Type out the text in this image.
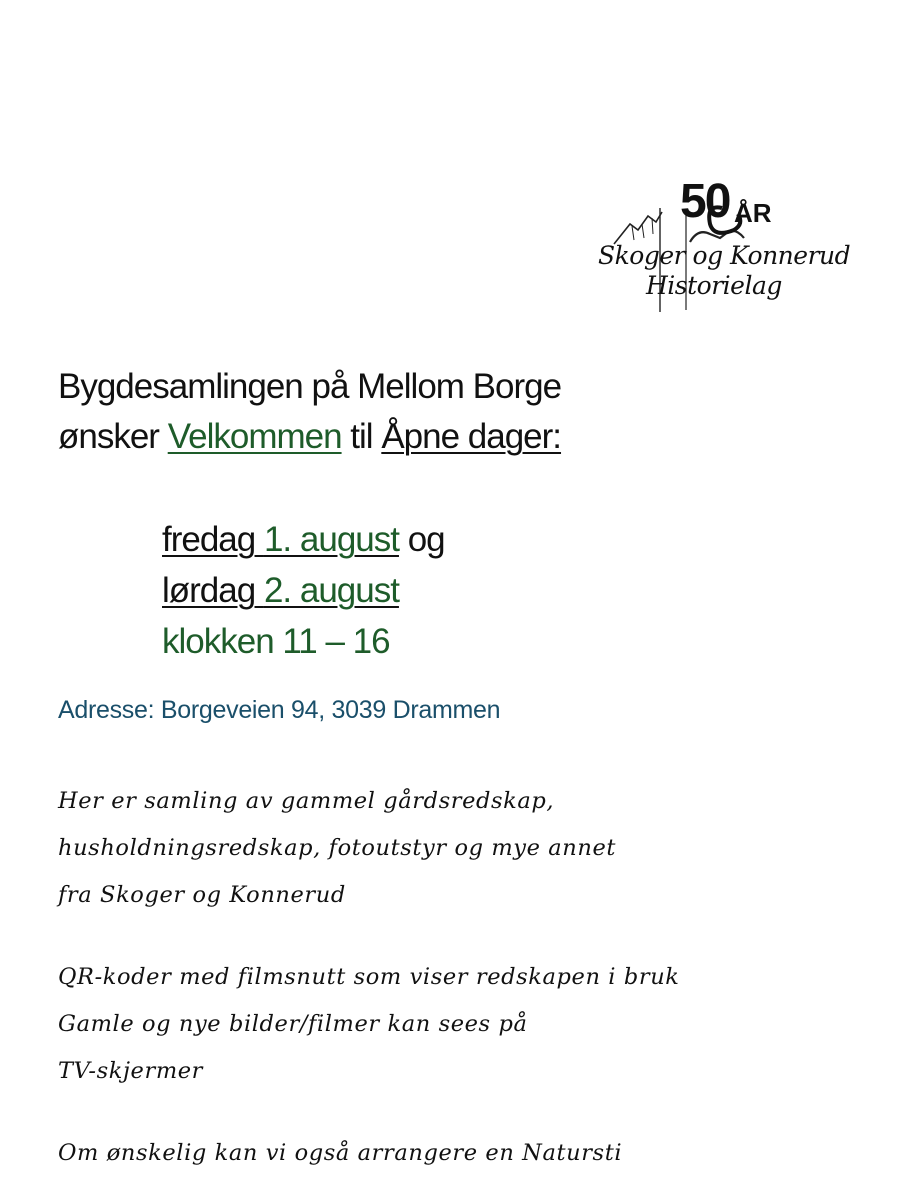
50 ÅR
Skoger og Konnerud
Historielag
Bygdesamlingen på Mellom Borge
ønsker Velkommen til Åpne dager:
fredag 1. august og
lørdag 2. august
klokken 11 – 16
Adresse: Borgeveien 94, 3039 Drammen
Her er samling av gammel gårdsredskap,
husholdningsredskap, fotoutstyr og mye annet
fra Skoger og Konnerud
QR-koder med filmsnutt som viser redskapen i bruk
Gamle og nye bilder/filmer kan sees på
TV-skjermer
Om ønskelig kan vi også arrangere en Natursti
